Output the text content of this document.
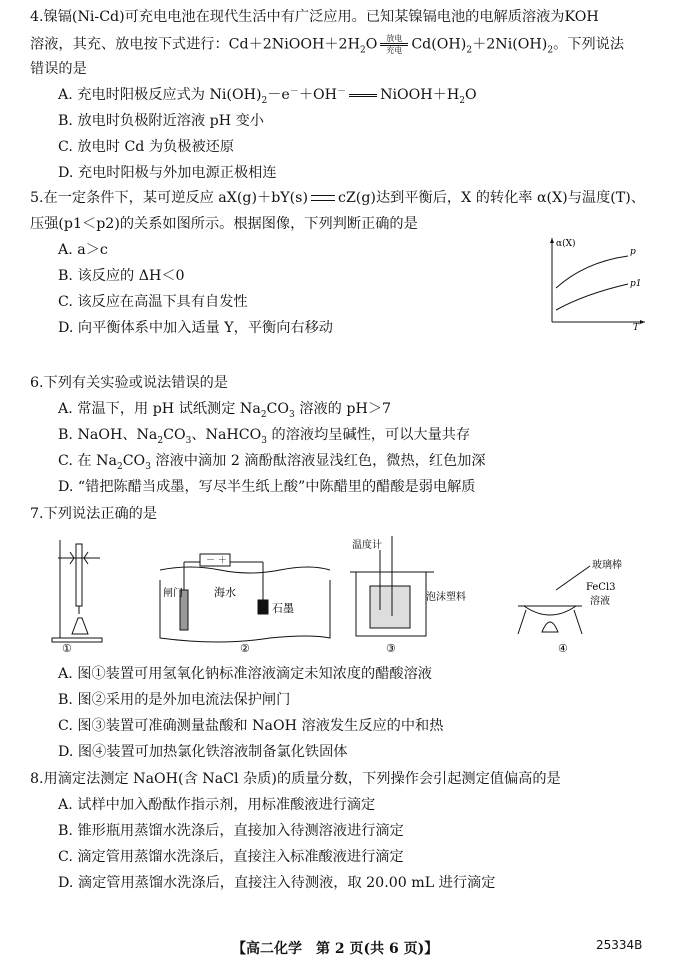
4.镍镉(Ni-Cd)可充电电池在现代生活中有广泛应用。已知某镍镉电池的电解质溶液为KOH
溶液，其充、放电按下式进行：$Cd+2NiOOH+2H_2O$	放电
充电 $Cd(OH)_2+2Ni(OH)_2$。下列说法
错误的是
A. 充电时阳极反应式为 $Ni(OH)_2-e^-+OH^-$ $NiOOH+H_2O$
B. 放电时负极附近溶液 pH 变小
C. 放电时 Cd 为负极被还原
D. 充电时阳极与外加电源正极相连
5.在一定条件下，某可逆反应 aX(g)＋bY(s) cZ(g)达到平衡后，X 的转化率 α(X)与温度(T)、
压强(p1＜p2)的关系如图所示。根据图像，下列判断正确的是
A. a＞c
B. 该反应的 ΔH＜0
C. 该反应在高温下具有自发性
D. 向平衡体系中加入适量 Y，平衡向右移动
α(X)
T
p
p1
6.下列有关实验或说法错误的是
A. 常温下，用 pH 试纸测定 $Na_2CO_3$ 溶液的 pH＞7
B. NaOH、$Na_2CO_3$、NaHCO$_3$ 的溶液均呈碱性，可以大量共存
C. 在 $Na_2CO_3$ 溶液中滴加 2 滴酚酞溶液显浅红色，微热，红色加深
D. “错把陈醋当成墨，写尽半生纸上酸”中陈醋里的醋酸是弱电解质
7.下列说法正确的是
①
－ ＋
闸门	海水
石墨
②
温度计
泡沫塑料
③
玻璃棒
FeCl3
溶液
④
A. 图①装置可用氢氧化钠标准溶液滴定未知浓度的醋酸溶液
B. 图②采用的是外加电流法保护闸门
C. 图③装置可准确测量盐酸和 NaOH 溶液发生反应的中和热
D. 图④装置可加热氯化铁溶液制备氯化铁固体
8.用滴定法测定 NaOH(含 NaCl 杂质)的质量分数，下列操作会引起测定值偏高的是
A. 试样中加入酚酞作指示剂，用标准酸液进行滴定
B. 锥形瓶用蒸馏水洗涤后，直接加入待测溶液进行滴定
C. 滴定管用蒸馏水洗涤后，直接注入标准酸液进行滴定
D. 滴定管用蒸馏水洗涤后，直接注入待测液，取 20.00 mL 进行滴定
【高二化学　第 2 页(共 6 页)】	25334B
